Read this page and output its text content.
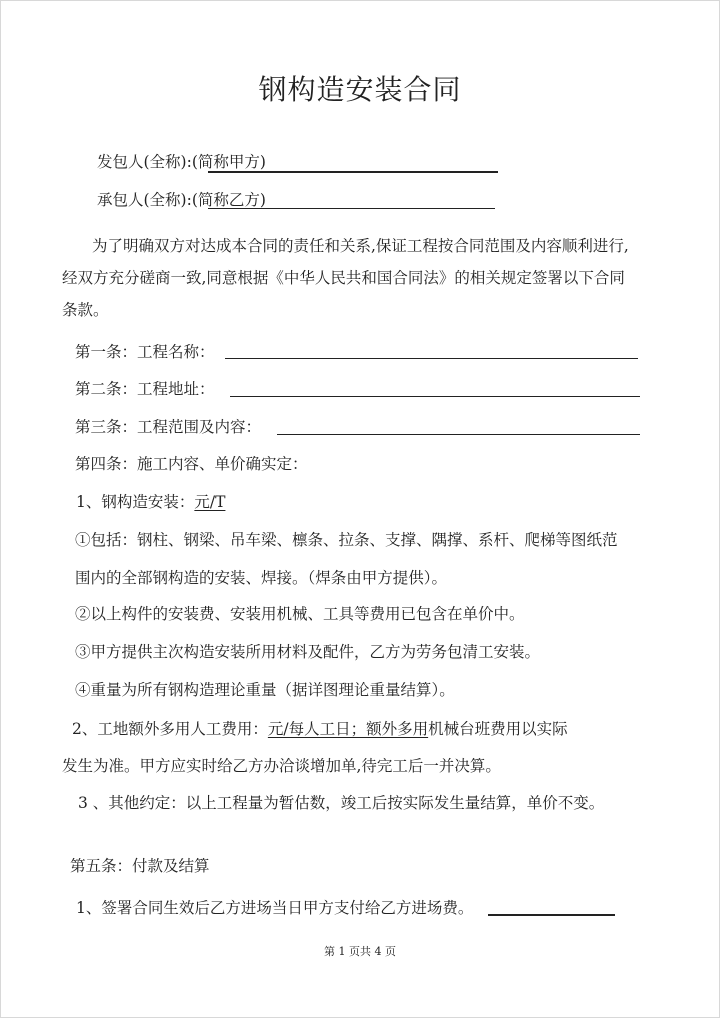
钢构造安装合同
发包人(全称):(简称甲方)
承包人(全称):(简称乙方)
为了明确双方对达成本合同的责任和关系,保证工程按合同范围及内容顺利进行,
经双方充分磋商一致,同意根据《中华人民共和国合同法》的相关规定签署以下合同
条款。
第一条：工程名称：
第二条：工程地址：
第三条：工程范围及内容：
第四条：施工内容、单价确实定：
1、钢构造安装：元/T
①包括：钢柱、钢梁、吊车梁、檩条、拉条、支撑、隅撑、系杆、爬梯等图纸范
围内的全部钢构造的安装、焊接。（焊条由甲方提供）。
②以上构件的安装费、安装用机械、工具等费用已包含在单价中。
③甲方提供主次构造安装所用材料及配件，乙方为劳务包清工安装。
④重量为所有钢构造理论重量（据详图理论重量结算）。
2、工地额外多用人工费用：元/每人工日；额外多用机械台班费用以实际
发生为准。甲方应实时给乙方办洽谈增加单,待完工后一并决算。
3 、其他约定：以上工程量为暂估数，竣工后按实际发生量结算，单价不变。
第五条：付款及结算
1、签署合同生效后乙方进场当日甲方支付给乙方进场费。
第 1 页共 4 页
